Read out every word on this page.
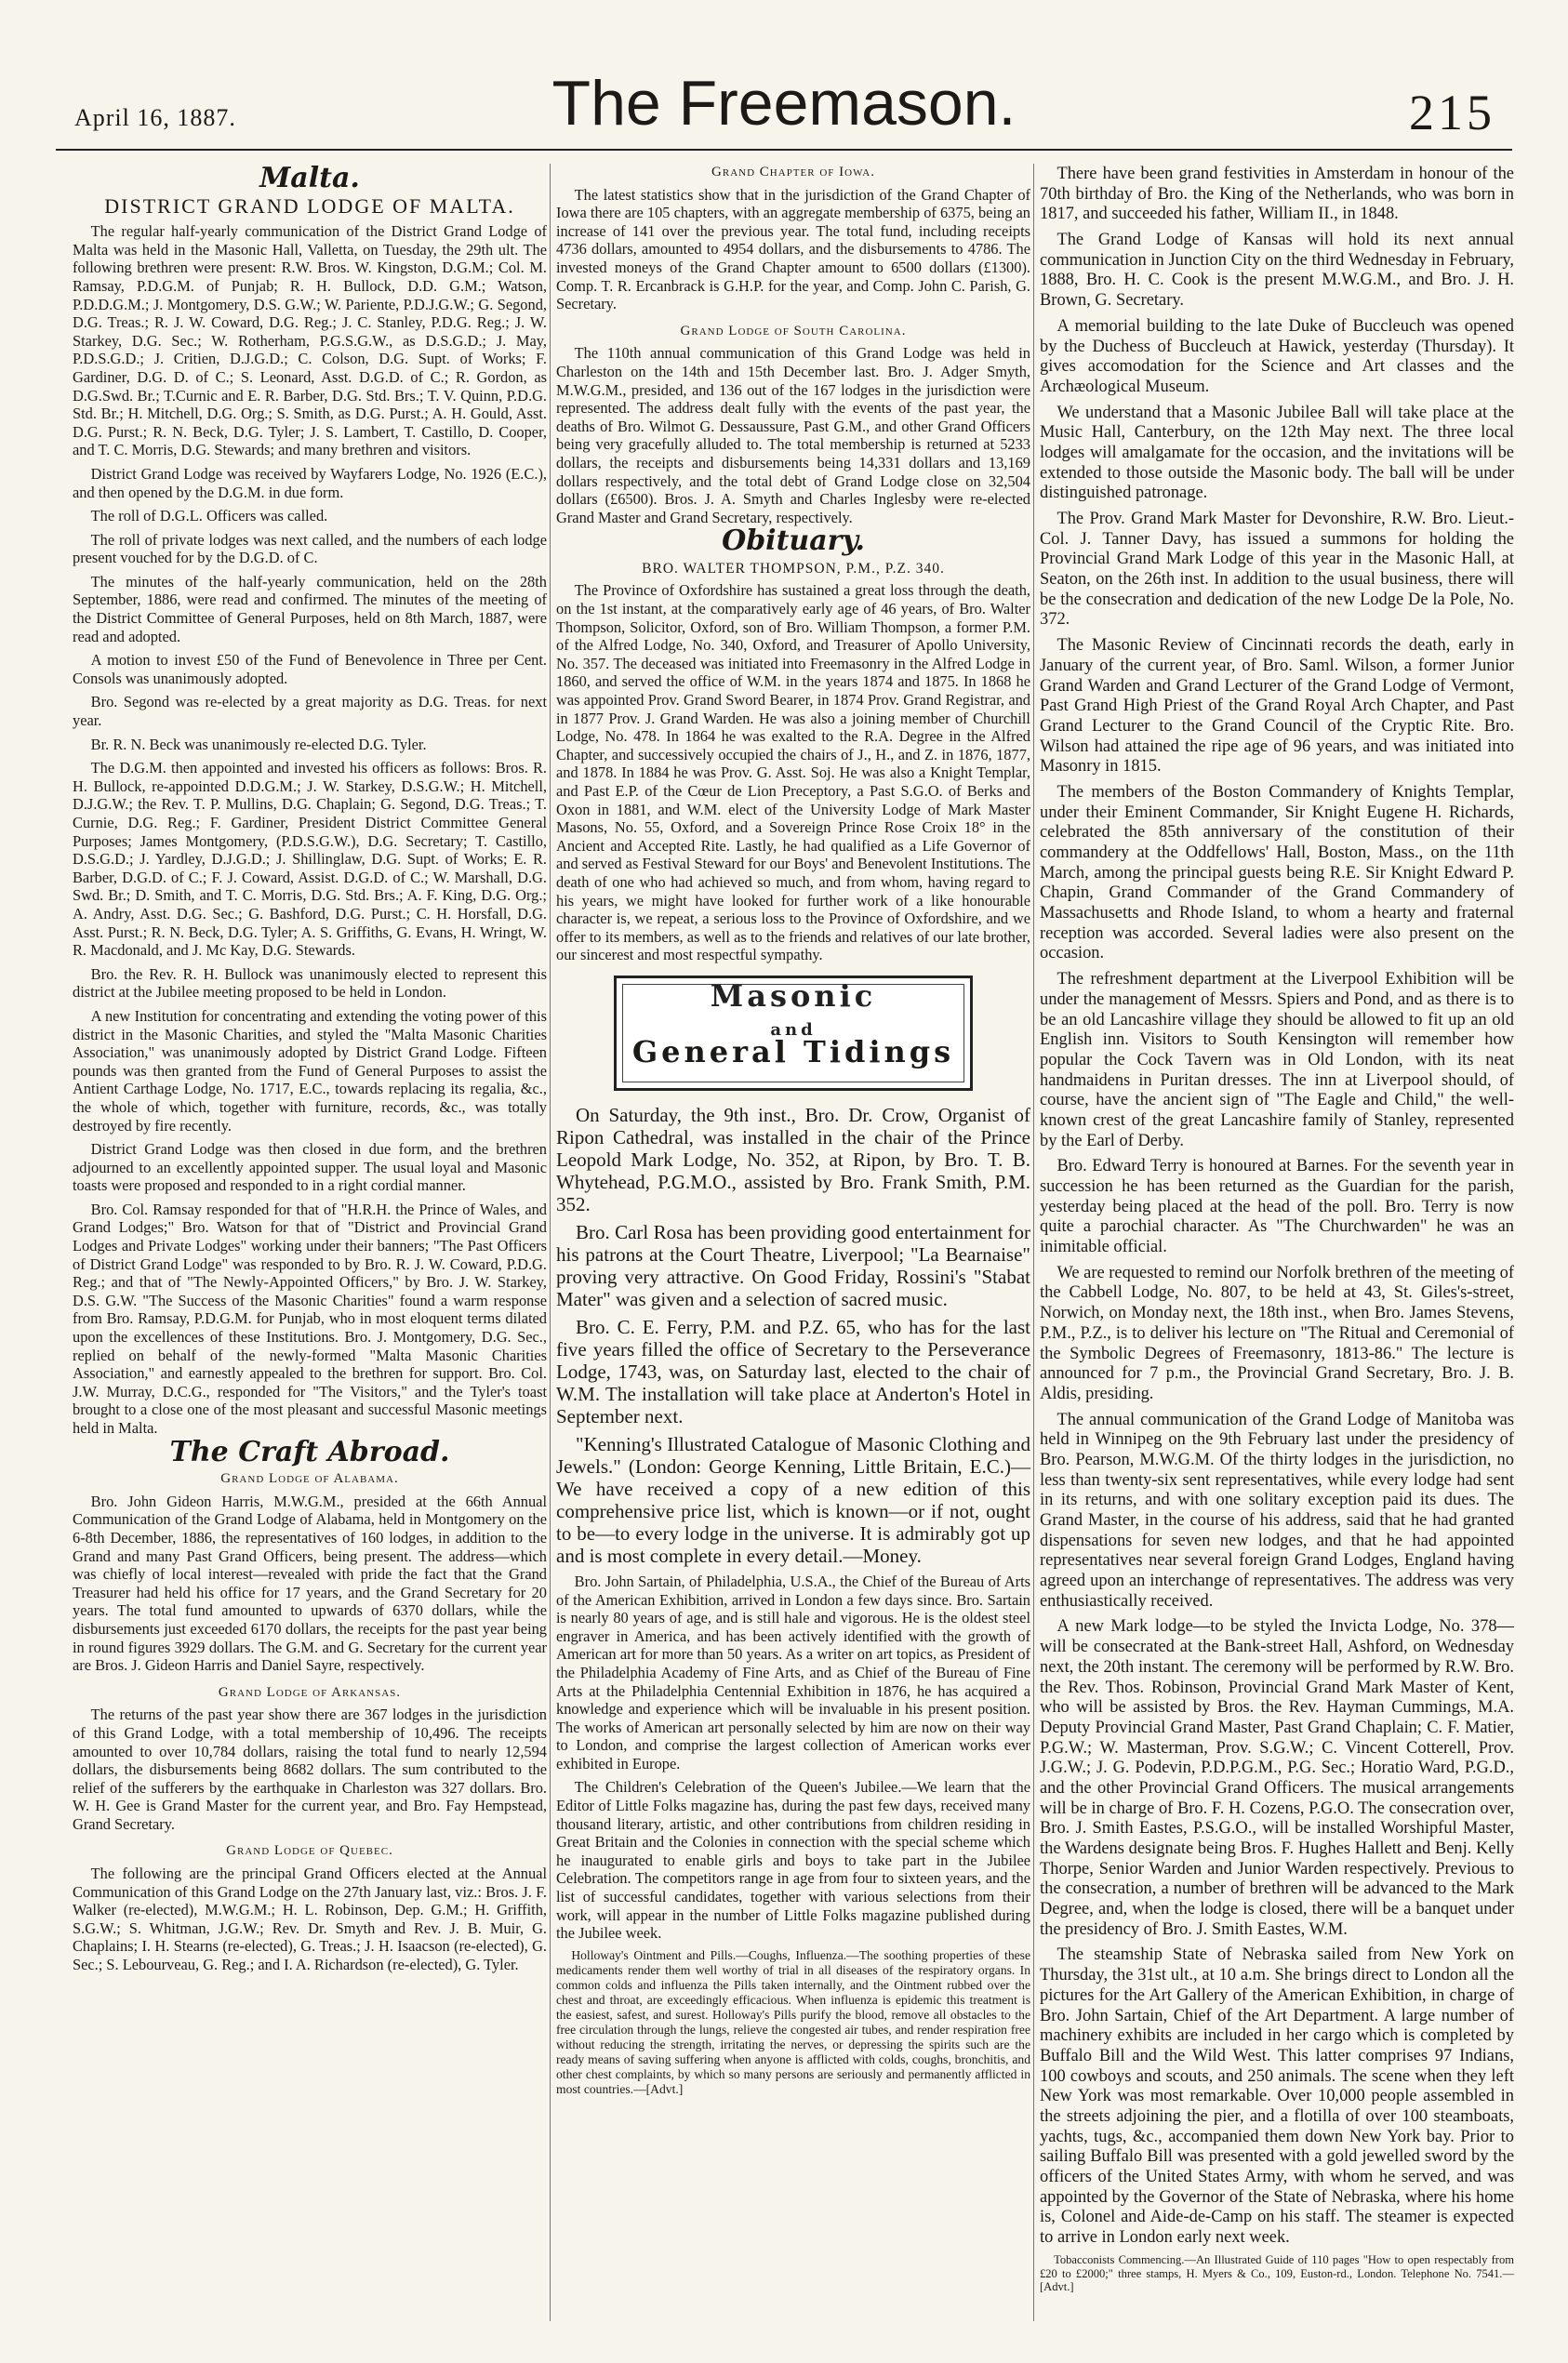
April 16, 1887.	The Freemason.	215
Malta.
DISTRICT GRAND LODGE OF MALTA.

The regular half-yearly communication of the District Grand Lodge of Malta was held in the Masonic Hall, Valletta, on Tuesday, the 29th ult. The following brethren were present: R.W. Bros. W. Kingston, D.G.M.; Col. M. Ramsay, P.D.G.M. of Punjab; R. H. Bullock, D.D. G.M.; Watson, P.D.D.G.M.; J. Montgomery, D.S. G.W.; W. Pariente, P.D.J.G.W.; G. Segond, D.G. Treas.; R. J. W. Coward, D.G. Reg.; J. C. Stanley, P.D.G. Reg.; J. W. Starkey, D.G. Sec.; W. Rotherham, P.G.S.G.W., as D.S.G.D.; J. May, P.D.S.G.D.; J. Critien, D.J.G.D.; C. Colson, D.G. Supt. of Works; F. Gardiner, D.G. D. of C.; S. Leonard, Asst. D.G.D. of C.; R. Gordon, as D.G.Swd. Br.; T.Curnic and E. R. Barber, D.G. Std. Brs.; T. V. Quinn, P.D.G. Std. Br.; H. Mitchell, D.G. Org.; S. Smith, as D.G. Purst.; A. H. Gould, Asst. D.G. Purst.; R. N. Beck, D.G. Tyler; J. S. Lambert, T. Castillo, D. Cooper, and T. C. Morris, D.G. Stewards; and many brethren and visitors.

District Grand Lodge was received by Wayfarers Lodge, No. 1926 (E.C.), and then opened by the D.G.M. in due form.

The roll of D.G.L. Officers was called.

The roll of private lodges was next called, and the numbers of each lodge present vouched for by the D.G.D. of C.

The minutes of the half-yearly communication, held on the 28th September, 1886, were read and confirmed. The minutes of the meeting of the District Committee of General Purposes, held on 8th March, 1887, were read and adopted.

A motion to invest £50 of the Fund of Benevolence in Three per Cent. Consols was unanimously adopted.

Bro. Segond was re-elected by a great majority as D.G. Treas. for next year.

Br. R. N. Beck was unanimously re-elected D.G. Tyler.

The D.G.M. then appointed and invested his officers as follows: Bros. R. H. Bullock, re-appointed D.D.G.M.; J. W. Starkey, D.S.G.W.; H. Mitchell, D.J.G.W.; the Rev. T. P. Mullins, D.G. Chaplain; G. Segond, D.G. Treas.; T. Curnie, D.G. Reg.; F. Gardiner, President District Committee General Purposes; James Montgomery, (P.D.S.G.W.), D.G. Secretary; T. Castillo, D.S.G.D.; J. Yardley, D.J.G.D.; J. Shillinglaw, D.G. Supt. of Works; E. R. Barber, D.G.D. of C.; F. J. Coward, Assist. D.G.D. of C.; W. Marshall, D.G. Swd. Br.; D. Smith, and T. C. Morris, D.G. Std. Brs.; A. F. King, D.G. Org.; A. Andry, Asst. D.G. Sec.; G. Bashford, D.G. Purst.; C. H. Horsfall, D.G. Asst. Purst.; R. N. Beck, D.G. Tyler; A. S. Griffiths, G. Evans, H. Wringt, W. R. Macdonald, and J. Mc Kay, D.G. Stewards.

Bro. the Rev. R. H. Bullock was unanimously elected to represent this district at the Jubilee meeting proposed to be held in London.

A new Institution for concentrating and extending the voting power of this district in the Masonic Charities, and styled the "Malta Masonic Charities Association," was unanimously adopted by District Grand Lodge. Fifteen pounds was then granted from the Fund of General Purposes to assist the Antient Carthage Lodge, No. 1717, E.C., towards replacing its regalia, &c., the whole of which, together with furniture, records, &c., was totally destroyed by fire recently.

District Grand Lodge was then closed in due form, and the brethren adjourned to an excellently appointed supper. The usual loyal and Masonic toasts were proposed and responded to in a right cordial manner.

Bro. Col. Ramsay responded for that of "H.R.H. the Prince of Wales, and Grand Lodges;" Bro. Watson for that of "District and Provincial Grand Lodges and Private Lodges" working under their banners; "The Past Officers of District Grand Lodge" was responded to by Bro. R. J. W. Coward, P.D.G. Reg.; and that of "The Newly-Appointed Officers," by Bro. J. W. Starkey, D.S. G.W. "The Success of the Masonic Charities" found a warm response from Bro. Ramsay, P.D.G.M. for Punjab, who in most eloquent terms dilated upon the excellences of these Institutions. Bro. J. Montgomery, D.G. Sec., replied on behalf of the newly-formed "Malta Masonic Charities Association," and earnestly appealed to the brethren for support. Bro. Col. J.W. Murray, D.C.G., responded for "The Visitors," and the Tyler's toast brought to a close one of the most pleasant and successful Masonic meetings held in Malta.

The Craft Abroad.
Grand Lodge of Alabama.

Bro. John Gideon Harris, M.W.G.M., presided at the 66th Annual Communication of the Grand Lodge of Alabama, held in Montgomery on the 6-8th December, 1886, the representatives of 160 lodges, in addition to the Grand and many Past Grand Officers, being present. The address—which was chiefly of local interest—revealed with pride the fact that the Grand Treasurer had held his office for 17 years, and the Grand Secretary for 20 years. The total fund amounted to upwards of 6370 dollars, while the disbursements just exceeded 6170 dollars, the receipts for the past year being in round figures 3929 dollars. The G.M. and G. Secretary for the current year are Bros. J. Gideon Harris and Daniel Sayre, respectively.

Grand Lodge of Arkansas.

The returns of the past year show there are 367 lodges in the jurisdiction of this Grand Lodge, with a total membership of 10,496. The receipts amounted to over 10,784 dollars, raising the total fund to nearly 12,594 dollars, the disbursements being 8682 dollars. The sum contributed to the relief of the sufferers by the earthquake in Charleston was 327 dollars. Bro. W. H. Gee is Grand Master for the current year, and Bro. Fay Hempstead, Grand Secretary.

Grand Lodge of Quebec.

The following are the principal Grand Officers elected at the Annual Communication of this Grand Lodge on the 27th January last, viz.: Bros. J. F. Walker (re-elected), M.W.G.M.; H. L. Robinson, Dep. G.M.; H. Griffith, S.G.W.; S. Whitman, J.G.W.; Rev. Dr. Smyth and Rev. J. B. Muir, G. Chaplains; I. H. Stearns (re-elected), G. Treas.; J. H. Isaacson (re-elected), G. Sec.; S. Lebourveau, G. Reg.; and I. A. Richardson (re-elected), G. Tyler.

Grand Chapter of Iowa.

The latest statistics show that in the jurisdiction of the Grand Chapter of Iowa there are 105 chapters, with an aggregate membership of 6375, being an increase of 141 over the previous year. The total fund, including receipts 4736 dollars, amounted to 4954 dollars, and the disbursements to 4786. The invested moneys of the Grand Chapter amount to 6500 dollars (£1300). Comp. T. R. Ercanbrack is G.H.P. for the year, and Comp. John C. Parish, G. Secretary.

Grand Lodge of South Carolina.

The 110th annual communication of this Grand Lodge was held in Charleston on the 14th and 15th December last. Bro. J. Adger Smyth, M.W.G.M., presided, and 136 out of the 167 lodges in the jurisdiction were represented. The address dealt fully with the events of the past year, the deaths of Bro. Wilmot G. Dessaussure, Past G.M., and other Grand Officers being very gracefully alluded to. The total membership is returned at 5233 dollars, the receipts and disbursements being 14,331 dollars and 13,169 dollars respectively, and the total debt of Grand Lodge close on 32,504 dollars (£6500). Bros. J. A. Smyth and Charles Inglesby were re-elected Grand Master and Grand Secretary, respectively.

Obituary.
BRO. WALTER THOMPSON, P.M., P.Z. 340.

The Province of Oxfordshire has sustained a great loss through the death, on the 1st instant, at the comparatively early age of 46 years, of Bro. Walter Thompson, Solicitor, Oxford, son of Bro. William Thompson, a former P.M. of the Alfred Lodge, No. 340, Oxford, and Treasurer of Apollo University, No. 357. The deceased was initiated into Freemasonry in the Alfred Lodge in 1860, and served the office of W.M. in the years 1874 and 1875. In 1868 he was appointed Prov. Grand Sword Bearer, in 1874 Prov. Grand Registrar, and in 1877 Prov. J. Grand Warden. He was also a joining member of Churchill Lodge, No. 478. In 1864 he was exalted to the R.A. Degree in the Alfred Chapter, and successively occupied the chairs of J., H., and Z. in 1876, 1877, and 1878. In 1884 he was Prov. G. Asst. Soj. He was also a Knight Templar, and Past E.P. of the Cœur de Lion Preceptory, a Past S.G.O. of Berks and Oxon in 1881, and W.M. elect of the University Lodge of Mark Master Masons, No. 55, Oxford, and a Sovereign Prince Rose Croix 18° in the Ancient and Accepted Rite. Lastly, he had qualified as a Life Governor of and served as Festival Steward for our Boys' and Benevolent Institutions. The death of one who had achieved so much, and from whom, having regard to his years, we might have looked for further work of a like honourable character is, we repeat, a serious loss to the Province of Oxfordshire, and we offer to its members, as well as to the friends and relatives of our late brother, our sincerest and most respectful sympathy.

Masonic
and
General Tidings

On Saturday, the 9th inst., Bro. Dr. Crow, Organist of Ripon Cathedral, was installed in the chair of the Prince Leopold Mark Lodge, No. 352, at Ripon, by Bro. T. B. Whytehead, P.G.M.O., assisted by Bro. Frank Smith, P.M. 352.

Bro. Carl Rosa has been providing good entertainment for his patrons at the Court Theatre, Liverpool; "La Bearnaise" proving very attractive. On Good Friday, Rossini's "Stabat Mater" was given and a selection of sacred music.

Bro. C. E. Ferry, P.M. and P.Z. 65, who has for the last five years filled the office of Secretary to the Perseverance Lodge, 1743, was, on Saturday last, elected to the chair of W.M. The installation will take place at Anderton's Hotel in September next.

"Kenning's Illustrated Catalogue of Masonic Clothing and Jewels." (London: George Kenning, Little Britain, E.C.)—We have received a copy of a new edition of this comprehensive price list, which is known—or if not, ought to be—to every lodge in the universe. It is admirably got up and is most complete in every detail.—Money.

Bro. John Sartain, of Philadelphia, U.S.A., the Chief of the Bureau of Arts of the American Exhibition, arrived in London a few days since. Bro. Sartain is nearly 80 years of age, and is still hale and vigorous. He is the oldest steel engraver in America, and has been actively identified with the growth of American art for more than 50 years. As a writer on art topics, as President of the Philadelphia Academy of Fine Arts, and as Chief of the Bureau of Fine Arts at the Philadelphia Centennial Exhibition in 1876, he has acquired a knowledge and experience which will be invaluable in his present position. The works of American art personally selected by him are now on their way to London, and comprise the largest collection of American works ever exhibited in Europe.

The Children's Celebration of the Queen's Jubilee.—We learn that the Editor of Little Folks magazine has, during the past few days, received many thousand literary, artistic, and other contributions from children residing in Great Britain and the Colonies in connection with the special scheme which he inaugurated to enable girls and boys to take part in the Jubilee Celebration. The competitors range in age from four to sixteen years, and the list of successful candidates, together with various selections from their work, will appear in the number of Little Folks magazine published during the Jubilee week.

Holloway's Ointment and Pills.—Coughs, Influenza.—The soothing properties of these medicaments render them well worthy of trial in all diseases of the respiratory organs. In common colds and influenza the Pills taken internally, and the Ointment rubbed over the chest and throat, are exceedingly efficacious. When influenza is epidemic this treatment is the easiest, safest, and surest. Holloway's Pills purify the blood, remove all obstacles to the free circulation through the lungs, relieve the congested air tubes, and render respiration free without reducing the strength, irritating the nerves, or depressing the spirits such are the ready means of saving suffering when anyone is afflicted with colds, coughs, bronchitis, and other chest complaints, by which so many persons are seriously and permanently afflicted in most countries.—[Advt.]

There have been grand festivities in Amsterdam in honour of the 70th birthday of Bro. the King of the Netherlands, who was born in 1817, and succeeded his father, William II., in 1848.

The Grand Lodge of Kansas will hold its next annual communication in Junction City on the third Wednesday in February, 1888, Bro. H. C. Cook is the present M.W.G.M., and Bro. J. H. Brown, G. Secretary.

A memorial building to the late Duke of Buccleuch was opened by the Duchess of Buccleuch at Hawick, yesterday (Thursday). It gives accomodation for the Science and Art classes and the Archæological Museum.

We understand that a Masonic Jubilee Ball will take place at the Music Hall, Canterbury, on the 12th May next. The three local lodges will amalgamate for the occasion, and the invitations will be extended to those outside the Masonic body. The ball will be under distinguished patronage.

The Prov. Grand Mark Master for Devonshire, R.W. Bro. Lieut.-Col. J. Tanner Davy, has issued a summons for holding the Provincial Grand Mark Lodge of this year in the Masonic Hall, at Seaton, on the 26th inst. In addition to the usual business, there will be the consecration and dedication of the new Lodge De la Pole, No. 372.

The Masonic Review of Cincinnati records the death, early in January of the current year, of Bro. Saml. Wilson, a former Junior Grand Warden and Grand Lecturer of the Grand Lodge of Vermont, Past Grand High Priest of the Grand Royal Arch Chapter, and Past Grand Lecturer to the Grand Council of the Cryptic Rite. Bro. Wilson had attained the ripe age of 96 years, and was initiated into Masonry in 1815.

The members of the Boston Commandery of Knights Templar, under their Eminent Commander, Sir Knight Eugene H. Richards, celebrated the 85th anniversary of the constitution of their commandery at the Oddfellows' Hall, Boston, Mass., on the 11th March, among the principal guests being R.E. Sir Knight Edward P. Chapin, Grand Commander of the Grand Commandery of Massachusetts and Rhode Island, to whom a hearty and fraternal reception was accorded. Several ladies were also present on the occasion.

The refreshment department at the Liverpool Exhibition will be under the management of Messrs. Spiers and Pond, and as there is to be an old Lancashire village they should be allowed to fit up an old English inn. Visitors to South Kensington will remember how popular the Cock Tavern was in Old London, with its neat handmaidens in Puritan dresses. The inn at Liverpool should, of course, have the ancient sign of "The Eagle and Child," the well-known crest of the great Lancashire family of Stanley, represented by the Earl of Derby.

Bro. Edward Terry is honoured at Barnes. For the seventh year in succession he has been returned as the Guardian for the parish, yesterday being placed at the head of the poll. Bro. Terry is now quite a parochial character. As "The Churchwarden" he was an inimitable official.

We are requested to remind our Norfolk brethren of the meeting of the Cabbell Lodge, No. 807, to be held at 43, St. Giles's-street, Norwich, on Monday next, the 18th inst., when Bro. James Stevens, P.M., P.Z., is to deliver his lecture on "The Ritual and Ceremonial of the Symbolic Degrees of Freemasonry, 1813-86." The lecture is announced for 7 p.m., the Provincial Grand Secretary, Bro. J. B. Aldis, presiding.

The annual communication of the Grand Lodge of Manitoba was held in Winnipeg on the 9th February last under the presidency of Bro. Pearson, M.W.G.M. Of the thirty lodges in the jurisdiction, no less than twenty-six sent representatives, while every lodge had sent in its returns, and with one solitary exception paid its dues. The Grand Master, in the course of his address, said that he had granted dispensations for seven new lodges, and that he had appointed representatives near several foreign Grand Lodges, England having agreed upon an interchange of representatives. The address was very enthusiastically received.

A new Mark lodge—to be styled the Invicta Lodge, No. 378—will be consecrated at the Bank-street Hall, Ashford, on Wednesday next, the 20th instant. The ceremony will be performed by R.W. Bro. the Rev. Thos. Robinson, Provincial Grand Mark Master of Kent, who will be assisted by Bros. the Rev. Hayman Cummings, M.A. Deputy Provincial Grand Master, Past Grand Chaplain; C. F. Matier, P.G.W.; W. Masterman, Prov. S.G.W.; C. Vincent Cotterell, Prov. J.G.W.; J. G. Podevin, P.D.P.G.M., P.G. Sec.; Horatio Ward, P.G.D., and the other Provincial Grand Officers. The musical arrangements will be in charge of Bro. F. H. Cozens, P.G.O. The consecration over, Bro. J. Smith Eastes, P.S.G.O., will be installed Worshipful Master, the Wardens designate being Bros. F. Hughes Hallett and Benj. Kelly Thorpe, Senior Warden and Junior Warden respectively. Previous to the consecration, a number of brethren will be advanced to the Mark Degree, and, when the lodge is closed, there will be a banquet under the presidency of Bro. J. Smith Eastes, W.M.

The steamship State of Nebraska sailed from New York on Thursday, the 31st ult., at 10 a.m. She brings direct to London all the pictures for the Art Gallery of the American Exhibition, in charge of Bro. John Sartain, Chief of the Art Department. A large number of machinery exhibits are included in her cargo which is completed by Buffalo Bill and the Wild West. This latter comprises 97 Indians, 100 cowboys and scouts, and 250 animals. The scene when they left New York was most remarkable. Over 10,000 people assembled in the streets adjoining the pier, and a flotilla of over 100 steamboats, yachts, tugs, &c., accompanied them down New York bay. Prior to sailing Buffalo Bill was presented with a gold jewelled sword by the officers of the United States Army, with whom he served, and was appointed by the Governor of the State of Nebraska, where his home is, Colonel and Aide-de-Camp on his staff. The steamer is expected to arrive in London early next week.

Tobacconists Commencing.—An Illustrated Guide of 110 pages "How to open respectably from £20 to £2000;" three stamps, H. Myers & Co., 109, Euston-rd., London. Telephone No. 7541.—[Advt.]
